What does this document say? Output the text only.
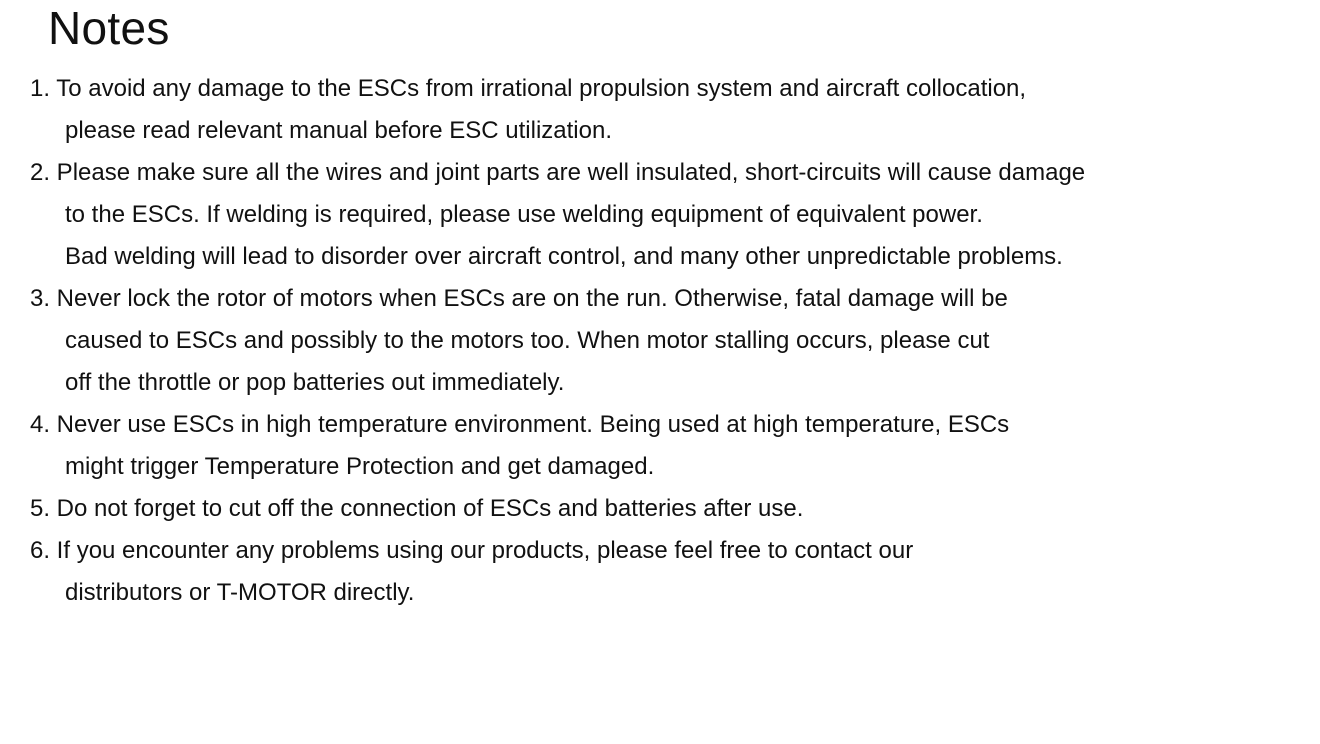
Notes
1. To avoid any damage to the ESCs from irrational propulsion system and aircraft collocation,
please read relevant manual before ESC utilization.
2. Please make sure all the wires and joint parts are well insulated, short-circuits will cause damage
to the ESCs. If welding is required, please use welding equipment of equivalent power.
Bad welding will lead to disorder over aircraft control, and many other unpredictable problems.
3. Never lock the rotor of motors when ESCs are on the run. Otherwise, fatal damage will be
caused to ESCs and possibly to the motors too. When motor stalling occurs, please cut
off the throttle or pop batteries out immediately.
4. Never use ESCs in high temperature environment. Being used at high temperature, ESCs
might trigger Temperature Protection and get damaged.
5. Do not forget to cut off the connection of ESCs and batteries after use.
6. If you encounter any problems using our products, please feel free to contact our
distributors or T-MOTOR directly.
